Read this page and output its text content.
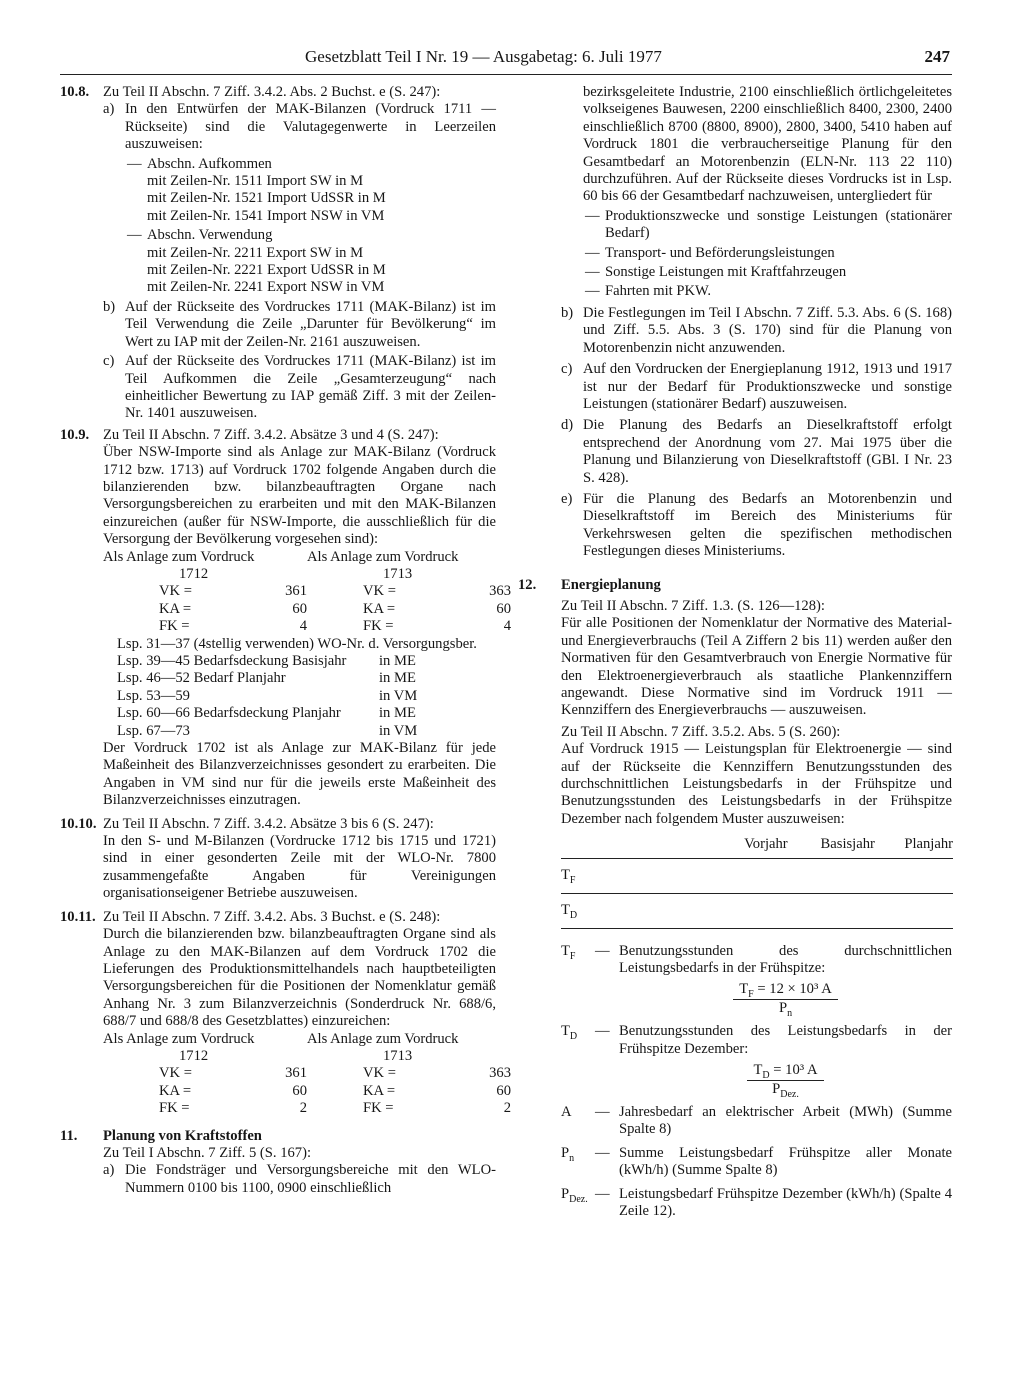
Gesetzblatt Teil I Nr. 19 — Ausgabetag: 6. Juli 1977	247
10.8. Zu Teil II Abschn. 7 Ziff. 3.4.2. Abs. 2 Buchst. e (S. 247):

a) In den Entwürfen der MAK-Bilanzen (Vordruck 1711 — Rückseite) sind die Valutagegenwerte in Leerzeilen auszuweisen:

— Abschn. Aufkommen

mit Zeilen-Nr. 1511 Import SW in M

mit Zeilen-Nr. 1521 Import UdSSR in M

mit Zeilen-Nr. 1541 Import NSW in VM

— Abschn. Verwendung

mit Zeilen-Nr. 2211 Export SW in M

mit Zeilen-Nr. 2221 Export UdSSR in M

mit Zeilen-Nr. 2241 Export NSW in VM

b) Auf der Rückseite des Vordruckes 1711 (MAK-Bilanz) ist im Teil Verwendung die Zeile „Darunter für Bevölkerung“ im Wert zu IAP mit der Zeilen-Nr. 2161 auszuweisen.

c) Auf der Rückseite des Vordruckes 1711 (MAK-Bilanz) ist im Teil Aufkommen die Zeile „Gesamterzeugung“ nach einheitlicher Bewertung zu IAP gemäß Ziff. 3 mit der Zeilen-Nr. 1401 auszuweisen.

10.9. Zu Teil II Abschn. 7 Ziff. 3.4.2. Absätze 3 und 4 (S. 247):

Über NSW-Importe sind als Anlage zur MAK-Bilanz (Vordruck 1712 bzw. 1713) auf Vordruck 1702 folgende Angaben durch die bilanzierenden bzw. bilanzbeauftragten Organe nach Versorgungsbereichen zu erarbeiten und mit den MAK-Bilanzen einzureichen (außer für NSW-Importe, die ausschließlich für die Versorgung der Bevölkerung vorgesehen sind):

Als Anlage zum Vordruck

1712

VK =	361
KA =	60
FK =	4

Als Anlage zum Vordruck

1713

VK =	363
KA =	60
FK =	4

Lsp. 31—37 (4stellig verwenden) WO-Nr. d. Versorgungsber.

Lsp. 39—45 Bedarfsdeckung Basisjahr	in ME
Lsp. 46—52 Bedarf Planjahr	in ME
Lsp. 53—59	in VM
Lsp. 60—66 Bedarfsdeckung Planjahr	in ME
Lsp. 67—73	in VM

Der Vordruck 1702 ist als Anlage zur MAK-Bilanz für jede Maßeinheit des Bilanzverzeichnisses gesondert zu erarbeiten. Die Angaben in VM sind nur für die jeweils erste Maßeinheit des Bilanzverzeichnisses einzutragen.

10.10. Zu Teil II Abschn. 7 Ziff. 3.4.2. Absätze 3 bis 6 (S. 247):

In den S- und M-Bilanzen (Vordrucke 1712 bis 1715 und 1721) sind in einer gesonderten Zeile mit der WLO-Nr. 7800 zusammengefaßte Angaben für Vereinigungen organisationseigener Betriebe auszuweisen.

10.11. Zu Teil II Abschn. 7 Ziff. 3.4.2. Abs. 3 Buchst. e (S. 248):

Durch die bilanzierenden bzw. bilanzbeauftragten Organe sind als Anlage zu den MAK-Bilanzen auf dem Vordruck 1702 die Lieferungen des Produktionsmittelhandels nach hauptbeteiligten Versorgungsbereichen für die Positionen der Nomenklatur gemäß Anhang Nr. 3 zum Bilanzverzeichnis (Sonderdruck Nr. 688/6, 688/7 und 688/8 des Gesetzblattes) einzureichen:

Als Anlage zum Vordruck

1712

VK =	361
KA =	60
FK =	2

Als Anlage zum Vordruck

1713

VK =	363
KA =	60
FK =	2
11. Planung von Kraftstoffen

Zu Teil I Abschn. 7 Ziff. 5 (S. 167):

a) Die Fondsträger und Versorgungsbereiche mit den WLO-Nummern 0100 bis 1100, 0900 einschließlich

bezirksgeleitete Industrie, 2100 einschließlich örtlichgeleitetes volkseigenes Bauwesen, 2200 einschließlich 8400, 2300, 2400 einschließlich 8700 (8800, 8900), 2800, 3400, 5410 haben auf Vordruck 1801 die verbraucherseitige Planung für den Gesamtbedarf an Motorenbenzin (ELN-Nr. 113 22 110) durchzuführen. Auf der Rückseite dieses Vordrucks ist in Lsp. 60 bis 66 der Gesamtbedarf nachzuweisen, untergliedert für

— Produktionszwecke und sonstige Leistungen (stationärer Bedarf)

— Transport- und Beförderungsleistungen

— Sonstige Leistungen mit Kraftfahrzeugen

— Fahrten mit PKW.

b) Die Festlegungen im Teil I Abschn. 7 Ziff. 5.3. Abs. 6 (S. 168) und Ziff. 5.5. Abs. 3 (S. 170) sind für die Planung von Motorenbenzin nicht anzuwenden.

c) Auf den Vordrucken der Energieplanung 1912, 1913 und 1917 ist nur der Bedarf für Produktionszwecke und sonstige Leistungen (stationärer Bedarf) auszuweisen.

d) Die Planung des Bedarfs an Dieselkraftstoff erfolgt entsprechend der Anordnung vom 27. Mai 1975 über die Planung und Bilanzierung von Dieselkraftstoff (GBl. I Nr. 23 S. 428).

e) Für die Planung des Bedarfs an Motorenbenzin und Dieselkraftstoff im Bereich des Ministeriums für Verkehrswesen gelten die spezifischen methodischen Festlegungen dieses Ministeriums.

12. Energieplanung

Zu Teil II Abschn. 7 Ziff. 1.3. (S. 126—128):

Für alle Positionen der Nomenklatur der Normative des Material- und Energieverbrauchs (Teil A Ziffern 2 bis 11) werden außer den Normativen für den Gesamtverbrauch von Energie Normative für den Elektroenergieverbrauch als staatliche Plankennziffern angewandt. Diese Normative sind im Vordruck 1911 — Kennziffern des Energieverbrauchs — auszuweisen.

Zu Teil II Abschn. 7 Ziff. 3.5.2. Abs. 5 (S. 260):

Auf Vordruck 1915 — Leistungsplan für Elektroenergie — sind auf der Rückseite die Kennziffern Benutzungsstunden des durchschnittlichen Leistungsbedarfs in der Frühspitze und Benutzungsstunden des Leistungsbedarfs in der Frühspitze Dezember nach folgendem Muster auszuweisen:

	Vorjahr	Basisjahr	Planjahr
$T_F$			
$T_D$			
$T_F$ — Benutzungsstunden des durchschnittlichen Leistungsbedarfs in der Frühspitze:

$\frac{T_F = 12 \times 10^3 A}{P_n}$
$T_D$ — Benutzungsstunden des Leistungsbedarfs in der Frühspitze Dezember:

$\frac{T_D = 10^3 A}{P_{Dez.}}$
A — Jahresbedarf an elektrischer Arbeit (MWh) (Summe Spalte 8)

$P_n$ — Summe Leistungsbedarf Frühspitze aller Monate (kWh/h) (Summe Spalte 8)

$P_{Dez.}$ — Leistungsbedarf Frühspitze Dezember (kWh/h) (Spalte 4 Zeile 12).
